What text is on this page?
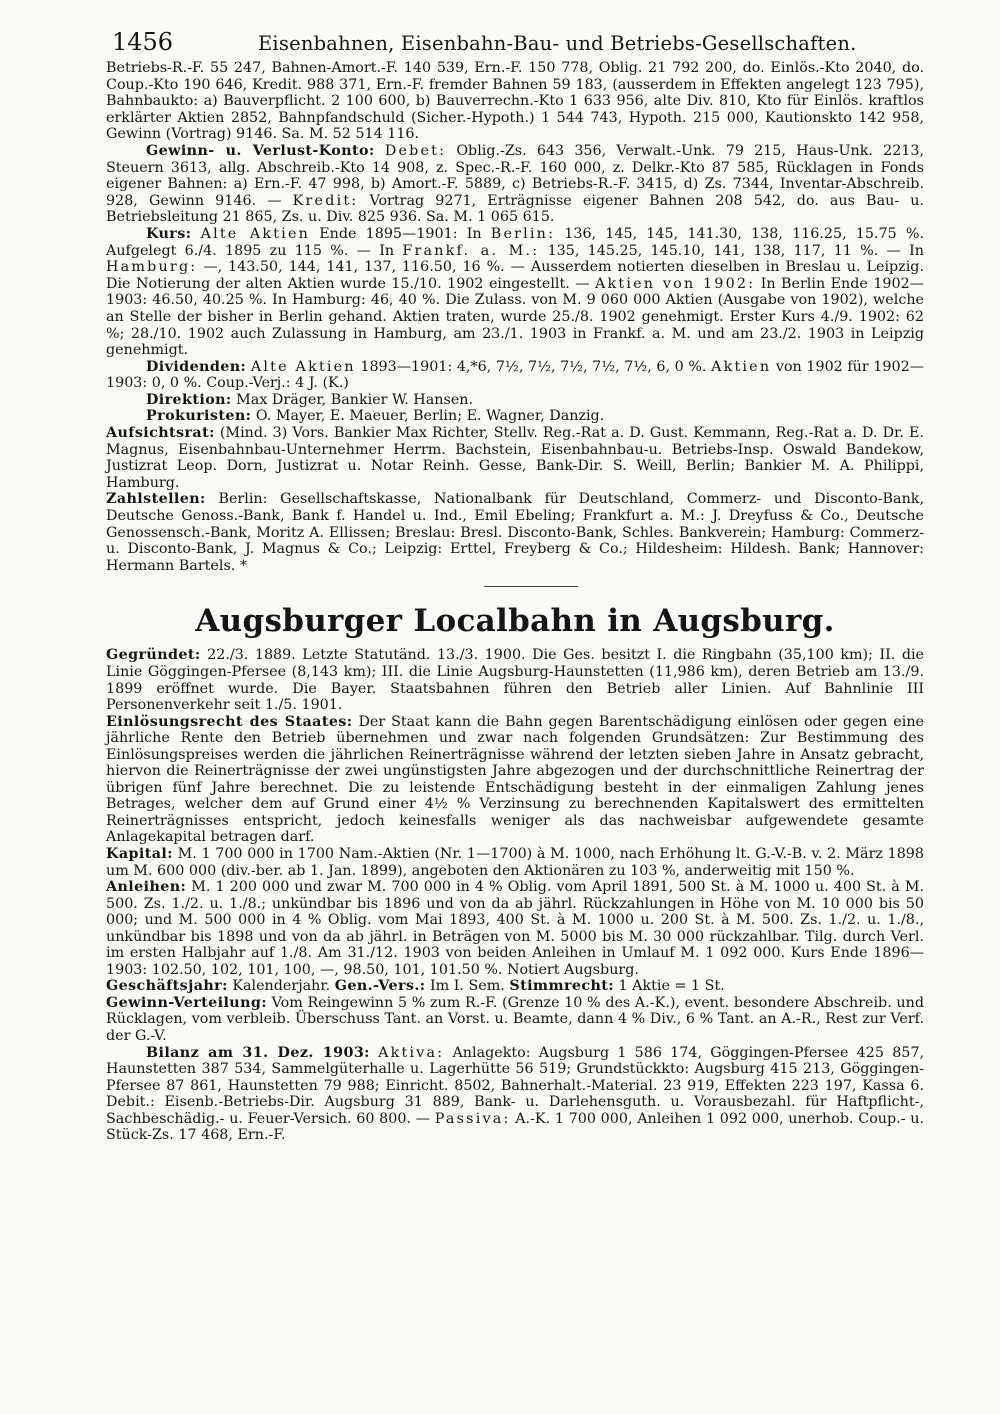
1456	Eisenbahnen, Eisenbahn-Bau- und Betriebs-Gesellschaften.

Betriebs-R.-F. 55 247, Bahnen-Amort.-F. 140 539, Ern.-F. 150 778, Oblig. 21 792 200, do. Einlös.-Kto 2040, do. Coup.-Kto 190 646, Kredit. 988 371, Ern.-F. fremder Bahnen 59 183, (ausserdem in Effekten angelegt 123 795), Bahnbaukto: a) Bauverpflicht. 2 100 600, b) Bauverrechn.-Kto 1 633 956, alte Div. 810, Kto für Einlös. kraftlos erklärter Aktien 2852, Bahnpfandschuld (Sicher.-Hypoth.) 1 544 743, Hypoth. 215 000, Kautionskto 142 958, Gewinn (Vortrag) 9146. Sa. M. 52 514 116.

Gewinn- u. Verlust-Konto: Debet: Oblig.-Zs. 643 356, Verwalt.-Unk. 79 215, Haus-Unk. 2213, Steuern 3613, allg. Abschreib.-Kto 14 908, z. Spec.-R.-F. 160 000, z. Delkr.-Kto 87 585, Rücklagen in Fonds eigener Bahnen: a) Ern.-F. 47 998, b) Amort.-F. 5889, c) Betriebs-R.-F. 3415, d) Zs. 7344, Inventar-Abschreib. 928, Gewinn 9146. — Kredit: Vortrag 9271, Erträgnisse eigener Bahnen 208 542, do. aus Bau- u. Betriebsleitung 21 865, Zs. u. Div. 825 936. Sa. M. 1 065 615.

Kurs: Alte Aktien Ende 1895—1901: In Berlin: 136, 145, 145, 141.30, 138, 116.25, 15.75 %. Aufgelegt 6./4. 1895 zu 115 %. — In Frankf. a. M.: 135, 145.25, 145.10, 141, 138, 117, 11 %. — In Hamburg: —, 143.50, 144, 141, 137, 116.50, 16 %. — Ausserdem notierten dieselben in Breslau u. Leipzig. Die Notierung der alten Aktien wurde 15./10. 1902 eingestellt. — Aktien von 1902: In Berlin Ende 1902—1903: 46.50, 40.25 %. In Hamburg: 46, 40 %. Die Zulass. von M. 9 060 000 Aktien (Ausgabe von 1902), welche an Stelle der bisher in Berlin gehand. Aktien traten, wurde 25./8. 1902 genehmigt. Erster Kurs 4./9. 1902: 62 %; 28./10. 1902 auch Zulassung in Hamburg, am 23./1. 1903 in Frankf. a. M. und am 23./2. 1903 in Leipzig genehmigt.

Dividenden: Alte Aktien 1893—1901: 4,*6, 7½, 7½, 7½, 7½, 7½, 6, 0 %. Aktien von 1902 für 1902—1903: 0, 0 %. Coup.-Verj.: 4 J. (K.)

Direktion: Max Dräger, Bankier W. Hansen.

Prokuristen: O. Mayer, E. Maeuer, Berlin; E. Wagner, Danzig.

Aufsichtsrat: (Mind. 3) Vors. Bankier Max Richter, Stellv. Reg.-Rat a. D. Gust. Kemmann, Reg.-Rat a. D. Dr. E. Magnus, Eisenbahnbau-Unternehmer Herrm. Bachstein, Eisenbahnbau-u. Betriebs-Insp. Oswald Bandekow, Justizrat Leop. Dorn, Justizrat u. Notar Reinh. Gesse, Bank-Dir. S. Weill, Berlin; Bankier M. A. Philippi, Hamburg.

Zahlstellen: Berlin: Gesellschaftskasse, Nationalbank für Deutschland, Commerz- und Disconto-Bank, Deutsche Genoss.-Bank, Bank f. Handel u. Ind., Emil Ebeling; Frankfurt a. M.: J. Dreyfuss & Co., Deutsche Genossensch.-Bank, Moritz A. Ellissen; Breslau: Bresl. Disconto-Bank, Schles. Bankverein; Hamburg: Commerz- u. Disconto-Bank, J. Magnus & Co.; Leipzig: Erttel, Freyberg & Co.; Hildesheim: Hildesh. Bank; Hannover: Hermann Bartels. *

Augsburger Localbahn in Augsburg.

Gegründet: 22./3. 1889. Letzte Statutänd. 13./3. 1900. Die Ges. besitzt I. die Ringbahn (35,100 km); II. die Linie Göggingen-Pfersee (8,143 km); III. die Linie Augsburg-Haunstetten (11,986 km), deren Betrieb am 13./9. 1899 eröffnet wurde. Die Bayer. Staatsbahnen führen den Betrieb aller Linien. Auf Bahnlinie III Personenverkehr seit 1./5. 1901.

Einlösungsrecht des Staates: Der Staat kann die Bahn gegen Barentschädigung einlösen oder gegen eine jährliche Rente den Betrieb übernehmen und zwar nach folgenden Grundsätzen: Zur Bestimmung des Einlösungspreises werden die jährlichen Reinerträgnisse während der letzten sieben Jahre in Ansatz gebracht, hiervon die Reinerträgnisse der zwei ungünstigsten Jahre abgezogen und der durchschnittliche Reinertrag der übrigen fünf Jahre berechnet. Die zu leistende Entschädigung besteht in der einmaligen Zahlung jenes Betrages, welcher dem auf Grund einer 4½ % Verzinsung zu berechnenden Kapitalswert des ermittelten Reinerträgnisses entspricht, jedoch keinesfalls weniger als das nachweisbar aufgewendete gesamte Anlagekapital betragen darf.

Kapital: M. 1 700 000 in 1700 Nam.-Aktien (Nr. 1—1700) à M. 1000, nach Erhöhung lt. G.-V.-B. v. 2. März 1898 um M. 600 000 (div.-ber. ab 1. Jan. 1899), angeboten den Aktionären zu 103 %, anderweitig mit 150 %.

Anleihen: M. 1 200 000 und zwar M. 700 000 in 4 % Oblig. vom April 1891, 500 St. à M. 1000 u. 400 St. à M. 500. Zs. 1./2. u. 1./8.; unkündbar bis 1896 und von da ab jährl. Rückzahlungen in Höhe von M. 10 000 bis 50 000; und M. 500 000 in 4 % Oblig. vom Mai 1893, 400 St. à M. 1000 u. 200 St. à M. 500. Zs. 1./2. u. 1./8., unkündbar bis 1898 und von da ab jährl. in Beträgen von M. 5000 bis M. 30 000 rückzahlbar. Tilg. durch Verl. im ersten Halbjahr auf 1./8. Am 31./12. 1903 von beiden Anleihen in Umlauf M. 1 092 000. Kurs Ende 1896—1903: 102.50, 102, 101, 100, —, 98.50, 101, 101.50 %. Notiert Augsburg.

Geschäftsjahr: Kalenderjahr. Gen.-Vers.: Im I. Sem. Stimmrecht: 1 Aktie = 1 St.

Gewinn-Verteilung: Vom Reingewinn 5 % zum R.-F. (Grenze 10 % des A.-K.), event. besondere Abschreib. und Rücklagen, vom verbleib. Überschuss Tant. an Vorst. u. Beamte, dann 4 % Div., 6 % Tant. an A.-R., Rest zur Verf. der G.-V.

Bilanz am 31. Dez. 1903: Aktiva: Anlagekto: Augsburg 1 586 174, Göggingen-Pfersee 425 857, Haunstetten 387 534, Sammelgüterhalle u. Lagerhütte 56 519; Grundstückkto: Augsburg 415 213, Göggingen-Pfersee 87 861, Haunstetten 79 988; Einricht. 8502, Bahnerhalt.-Material. 23 919, Effekten 223 197, Kassa 6. Debit.: Eisenb.-Betriebs-Dir. Augsburg 31 889, Bank- u. Darlehensguth. u. Vorausbezahl. für Haftpflicht-, Sachbeschädig.- u. Feuer-Versich. 60 800. — Passiva: A.-K. 1 700 000, Anleihen 1 092 000, unerhob. Coup.- u. Stück-Zs. 17 468, Ern.-F.
